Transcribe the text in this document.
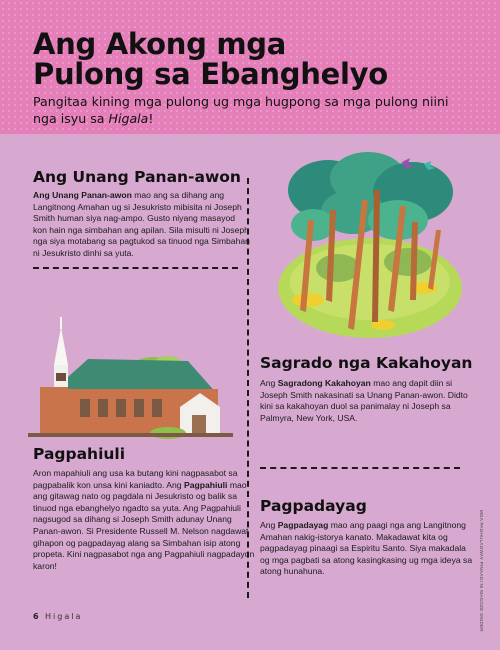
Ang Akong mga
Pulong sa Ebanghelyo

Pangitaa kining mga pulong ug mga hugpong sa mga pulong niini nga isyu sa Higala!

Ang Unang Panan-awon

Ang Unang Panan-awon mao ang sa dihang ang Langitnong Amahan ug si Jesukristo mibisita ni Joseph Smith human siya nag-ampo. Gusto niyang masayod kon hain nga simbahan ang apilan. Sila misulti ni Joseph nga siya motabang sa pagtukod sa tinuod nga Simbahan ni Jesukristo dinhi sa yuta.

Sagrado nga Kakahoyan

Ang Sagradong Kakahoyan mao ang dapit diin si Joseph Smith nakasinati sa Unang Panan-awon. Didto kini sa kakahoyan duol sa panimalay ni Joseph sa Palmyra, New York, USA.

Pagpahiuli

Aron mapahiuli ang usa ka butang kini nagpasabot sa pagpabalik kon unsa kini kaniadto. Ang Pagpahiuli mao ang gitawag nato og pagdala ni Jesukristo og balik sa tinuod nga ebanghelyo ngadto sa yuta. Ang Pagpahiuli nagsugod sa dihang si Joseph Smith adunay Unang Panan-awon. Si Presidente Russell M. Nelson nagdawat gihapon og pagpadayag alang sa Simbahan isip atong propeta. Kini nagpasabot nga ang Pagpahiuli nagpadayon karon!

Pagpadayag

Ang Pagpadayag mao ang paagi nga ang Langitnong Amahan nakig-istorya kanato. Makadawat kita og pagpadayag pinaagi sa Espiritu Santo. Siya makadala og mga pagbati sa atong kasingkasing ug mga ideya sa atong hunahuna.

6 Higala	MGA PAGHULAGWAY PINAAGI NI MAGOZE SNIDER
